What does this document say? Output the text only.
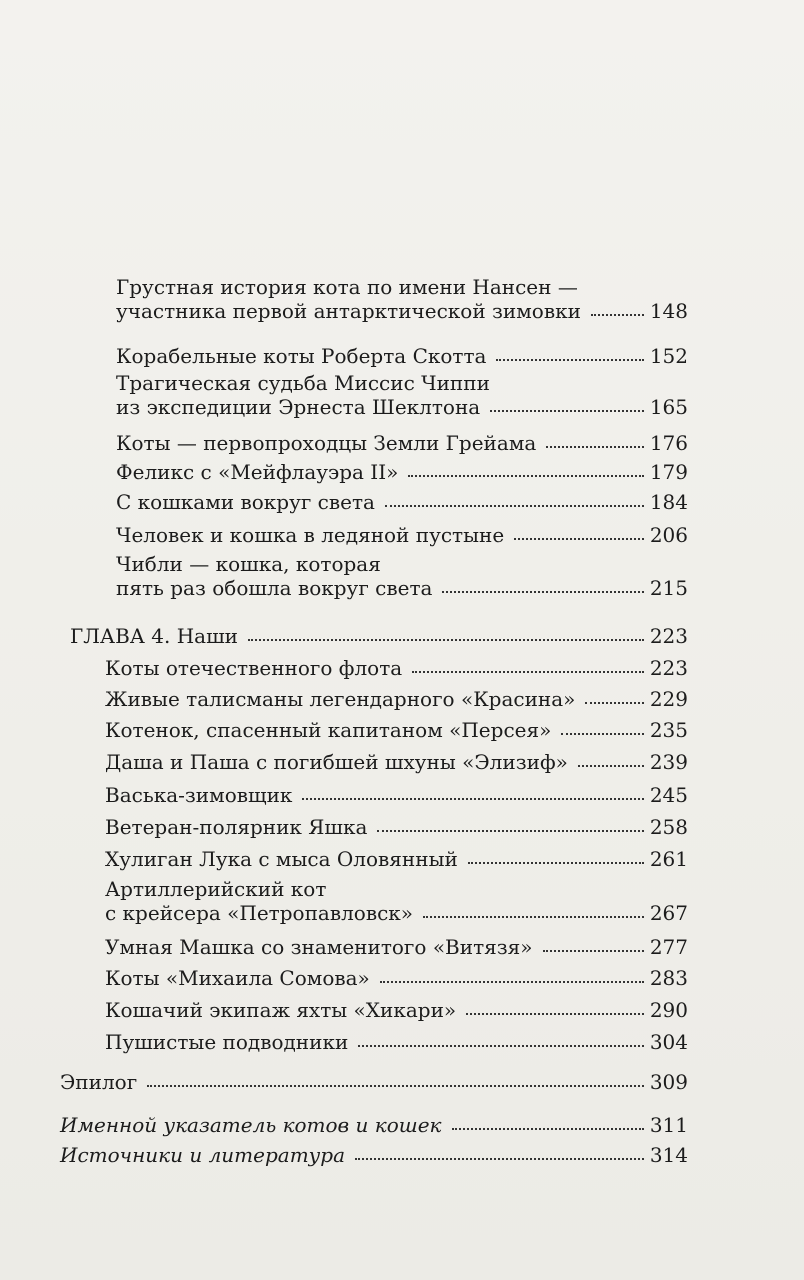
Грустная история кота по имени Нансен —
участника первой антарктической зимовки	148
Корабельные коты Роберта Скотта	152
Трагическая судьба Миссис Чиппи
из экспедиции Эрнеста Шеклтона	165
Коты — первопроходцы Земли Грейама	176
Феликс с «Мейфлауэра II»	179
С кошками вокруг света	184
Человек и кошка в ледяной пустыне	206
Чибли — кошка, которая
пять раз обошла вокруг света	215
ГЛАВА 4. Наши	223
Коты отечественного флота	223
Живые талисманы легендарного «Красина»	229
Котенок, спасенный капитаном «Персея»	235
Даша и Паша с погибшей шхуны «Элизиф»	239
Васька-зимовщик	245
Ветеран-полярник Яшка	258
Хулиган Лука с мыса Оловянный	261
Артиллерийский кот
с крейсера «Петропавловск»	267
Умная Машка со знаменитого «Витязя»	277
Коты «Михаила Сомова»	283
Кошачий экипаж яхты «Хикари»	290
Пушистые подводники	304
Эпилог	309
Именной указатель котов и кошек	311
Источники и литература	314
